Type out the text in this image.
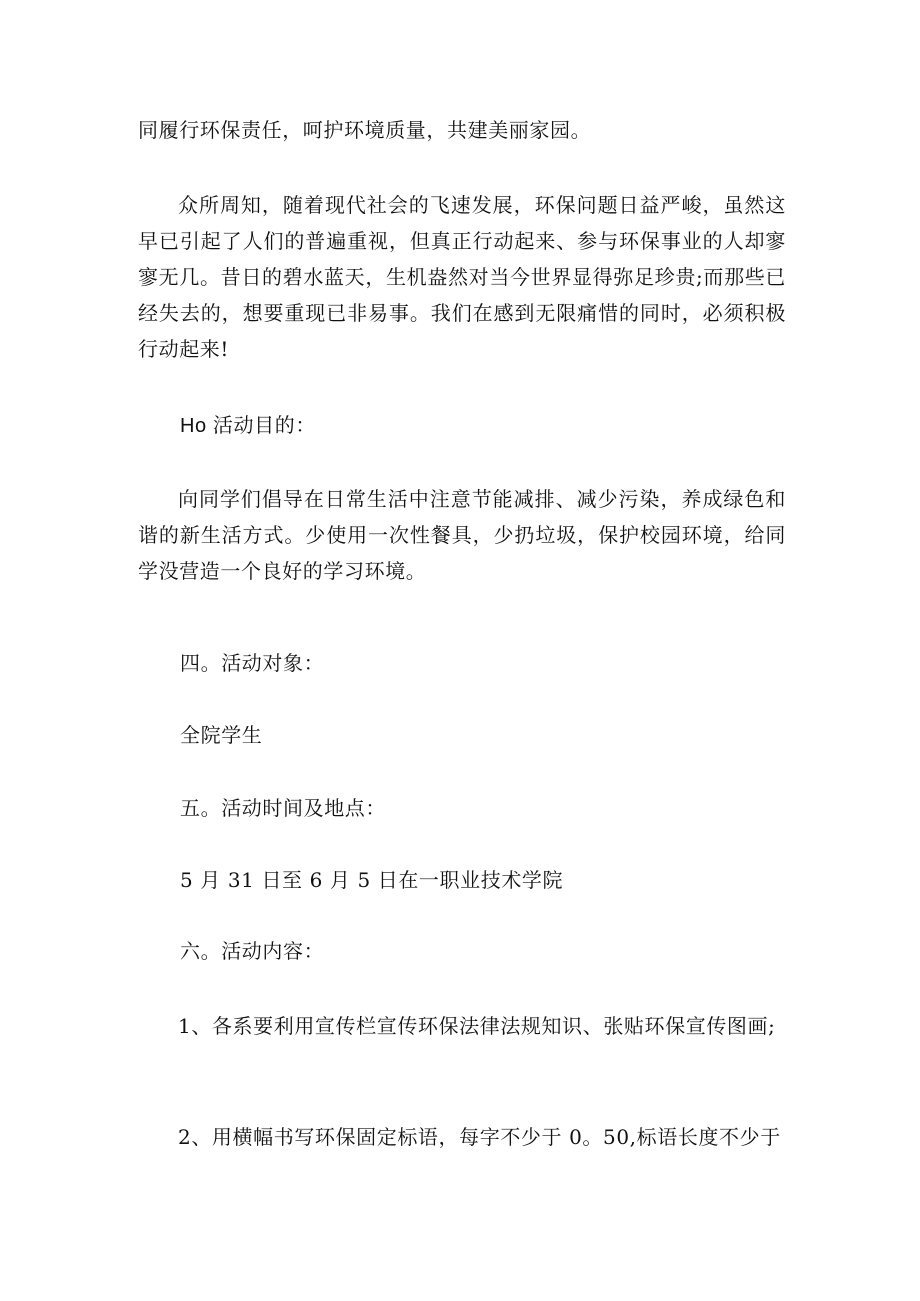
同履行环保责任，呵护环境质量，共建美丽家园。

众所周知，随着现代社会的飞速发展，环保问题日益严峻，虽然这早已引起了人们的普遍重视，但真正行动起来、参与环保事业的人却寥寥无几。昔日的碧水蓝天，生机盎然对当今世界显得弥足珍贵;而那些已经失去的，想要重现已非易事。我们在感到无限痛惜的同时，必须积极行动起来!

Ho 活动目的：

向同学们倡导在日常生活中注意节能减排、减少污染，养成绿色和谐的新生活方式。少使用一次性餐具，少扔垃圾，保护校园环境，给同学没营造一个良好的学习环境。

四。活动对象：

全院学生

五。活动时间及地点：

5 月 31 日至 6 月 5 日在一职业技术学院

六。活动内容：

1、各系要利用宣传栏宣传环保法律法规知识、张贴环保宣传图画;

2、用横幅书写环保固定标语，每字不少于 0。50,标语长度不少于
